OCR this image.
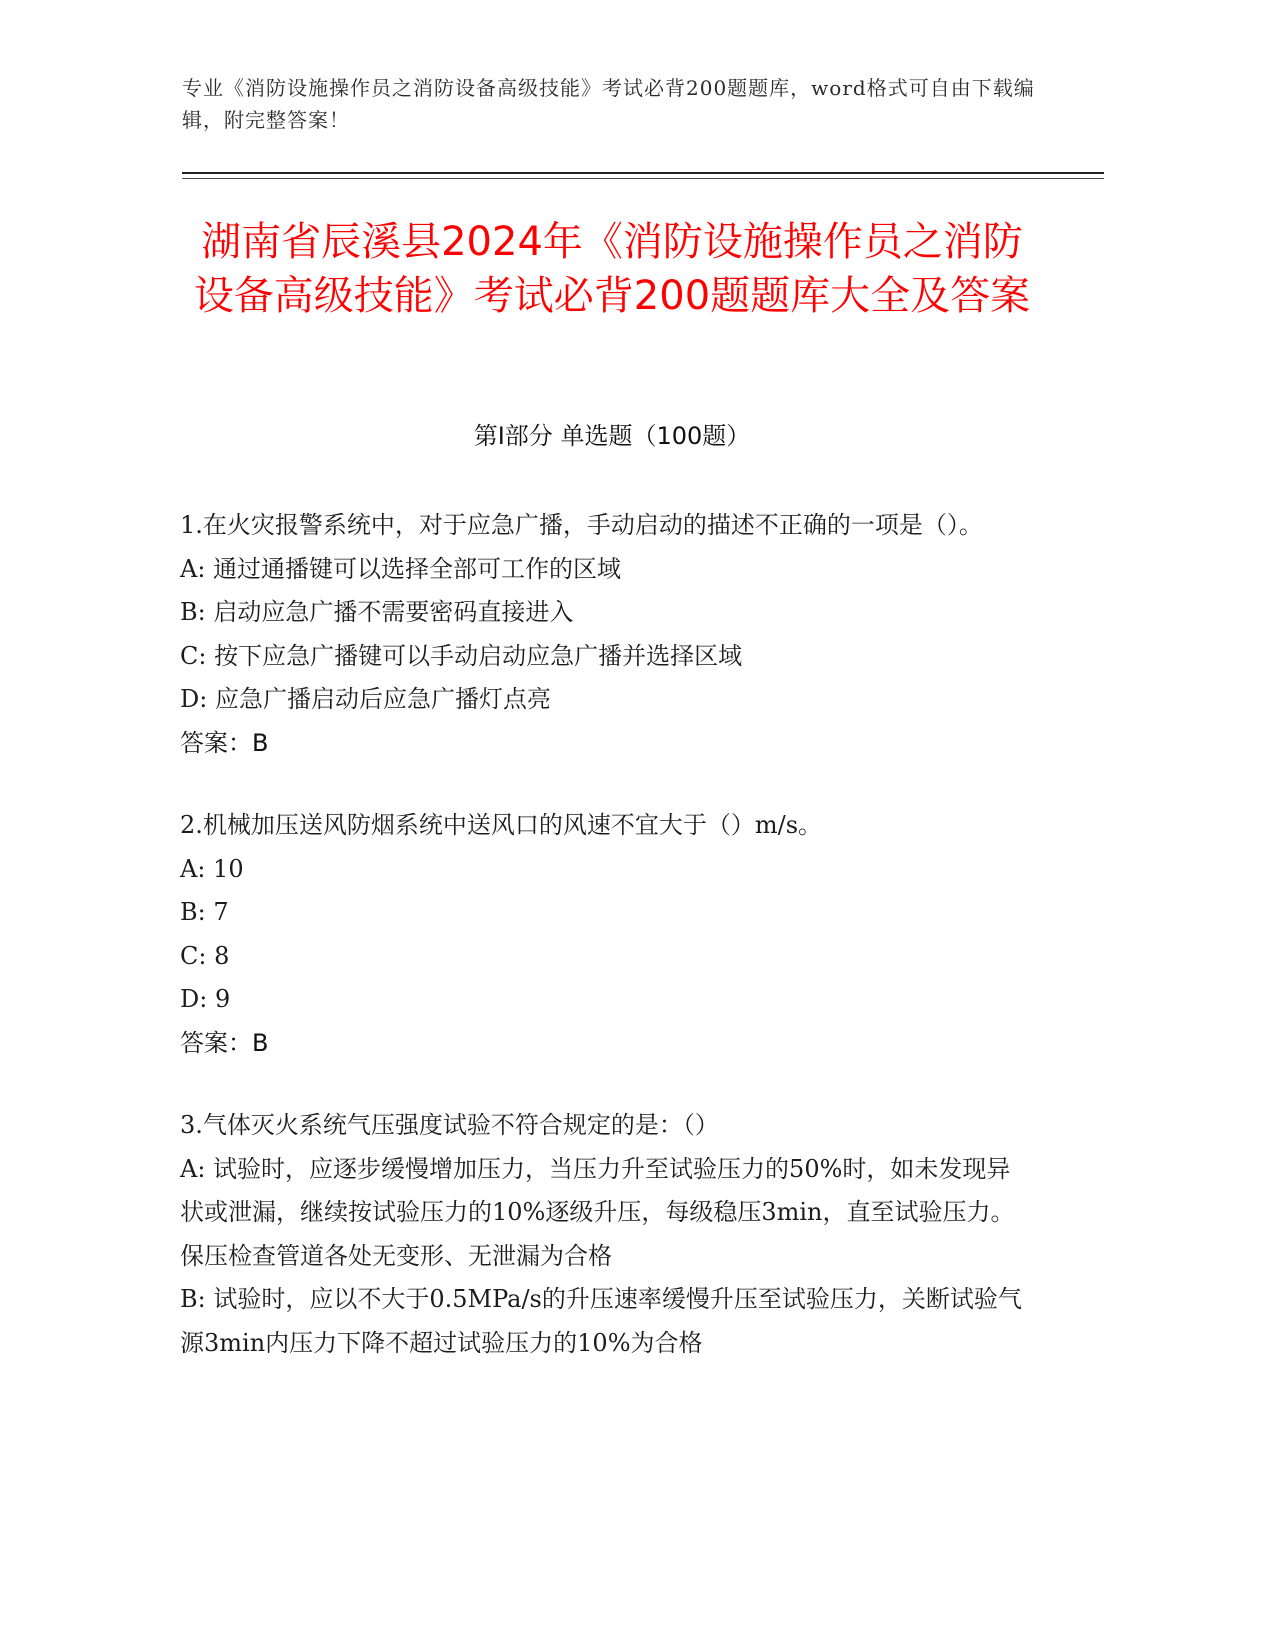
专业《消防设施操作员之消防设备高级技能》考试必背200题题库，word格式可自由下载编辑，附完整答案！
湖南省辰溪县2024年《消防设施操作员之消防设备高级技能》考试必背200题题库大全及答案
第I部分 单选题（100题）
1.在火灾报警系统中，对于应急广播，手动启动的描述不正确的一项是（）。
A: 通过通播键可以选择全部可工作的区域
B: 启动应急广播不需要密码直接进入
C: 按下应急广播键可以手动启动应急广播并选择区域
D: 应急广播启动后应急广播灯点亮
答案：B
2.机械加压送风防烟系统中送风口的风速不宜大于（）m/s。
A: 10
B: 7
C: 8
D: 9
答案：B
3.气体灭火系统气压强度试验不符合规定的是：（）
A: 试验时，应逐步缓慢增加压力，当压力升至试验压力的50%时，如未发现异状或泄漏，继续按试验压力的10%逐级升压，每级稳压3min，直至试验压力。保压检查管道各处无变形、无泄漏为合格
B: 试验时，应以不大于0.5MPa/s的升压速率缓慢升压至试验压力，关断试验气源3min内压力下降不超过试验压力的10%为合格
